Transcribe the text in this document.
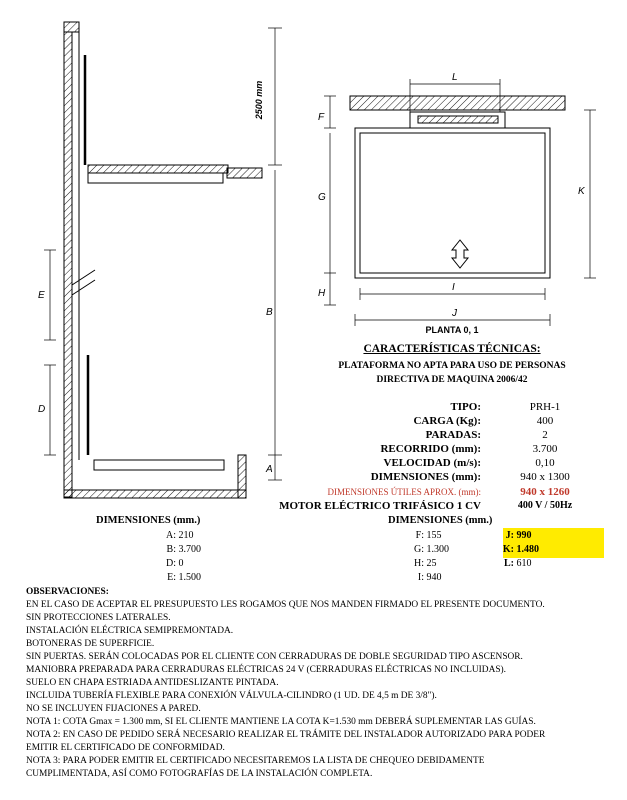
2500 mm
B
A
E
D
L
F
G
K
H
I
J
PLANTA 0, 1
CARACTERÍSTICAS TÉCNICAS:
PLATAFORMA NO APTA PARA USO DE PERSONAS
DIRECTIVA DE MAQUINA 2006/42
TIPO:	PRH-1
CARGA (Kg):	400
PARADAS:	2
RECORRIDO (mm):	3.700
VELOCIDAD (m/s):	0,10
DIMENSIONES (mm):	940 x 1300
DIMENSIONES ÚTILES APROX. (mm):	940 x 1260
MOTOR ELÉCTRICO TRIFÁSICO 1 CV	400 V / 50Hz
DIMENSIONES (mm.)
A: 210
B: 3.700
D: 0
E: 1.500
DIMENSIONES (mm.)
F: 155
G: 1.300
H: 25
I: 940
J: 990
K: 1.480
L: 610
OBSERVACIONES:
EN EL CASO DE ACEPTAR EL PRESUPUESTO LES ROGAMOS QUE NOS MANDEN FIRMADO EL PRESENTE DOCUMENTO.
SIN PROTECCIONES LATERALES.
INSTALACIÓN ELÉCTRICA SEMIPREMONTADA.
BOTONERAS DE SUPERFICIE.
SIN PUERTAS. SERÁN COLOCADAS POR EL CLIENTE CON CERRADURAS DE DOBLE SEGURIDAD TIPO ASCENSOR.
MANIOBRA PREPARADA PARA CERRADURAS ELÉCTRICAS 24 V (CERRADURAS ELÉCTRICAS NO INCLUIDAS).
SUELO EN CHAPA ESTRIADA ANTIDESLIZANTE PINTADA.
INCLUIDA TUBERÍA FLEXIBLE PARA CONEXIÓN VÁLVULA-CILINDRO (1 UD. DE 4,5 m DE 3/8").
NO SE INCLUYEN FIJACIONES A PARED.
NOTA 1: COTA Gmax = 1.300 mm, SI EL CLIENTE MANTIENE LA COTA K=1.530 mm DEBERÁ SUPLEMENTAR LAS GUÍAS.
NOTA 2: EN CASO DE PEDIDO SERÁ NECESARIO REALIZAR EL TRÁMITE DEL INSTALADOR AUTORIZADO PARA PODER
EMITIR EL CERTIFICADO DE CONFORMIDAD.
NOTA 3: PARA PODER EMITIR EL CERTIFICADO NECESITAREMOS LA LISTA DE CHEQUEO DEBIDAMENTE
CUMPLIMENTADA, ASÍ COMO FOTOGRAFÍAS DE LA INSTALACIÓN COMPLETA.
